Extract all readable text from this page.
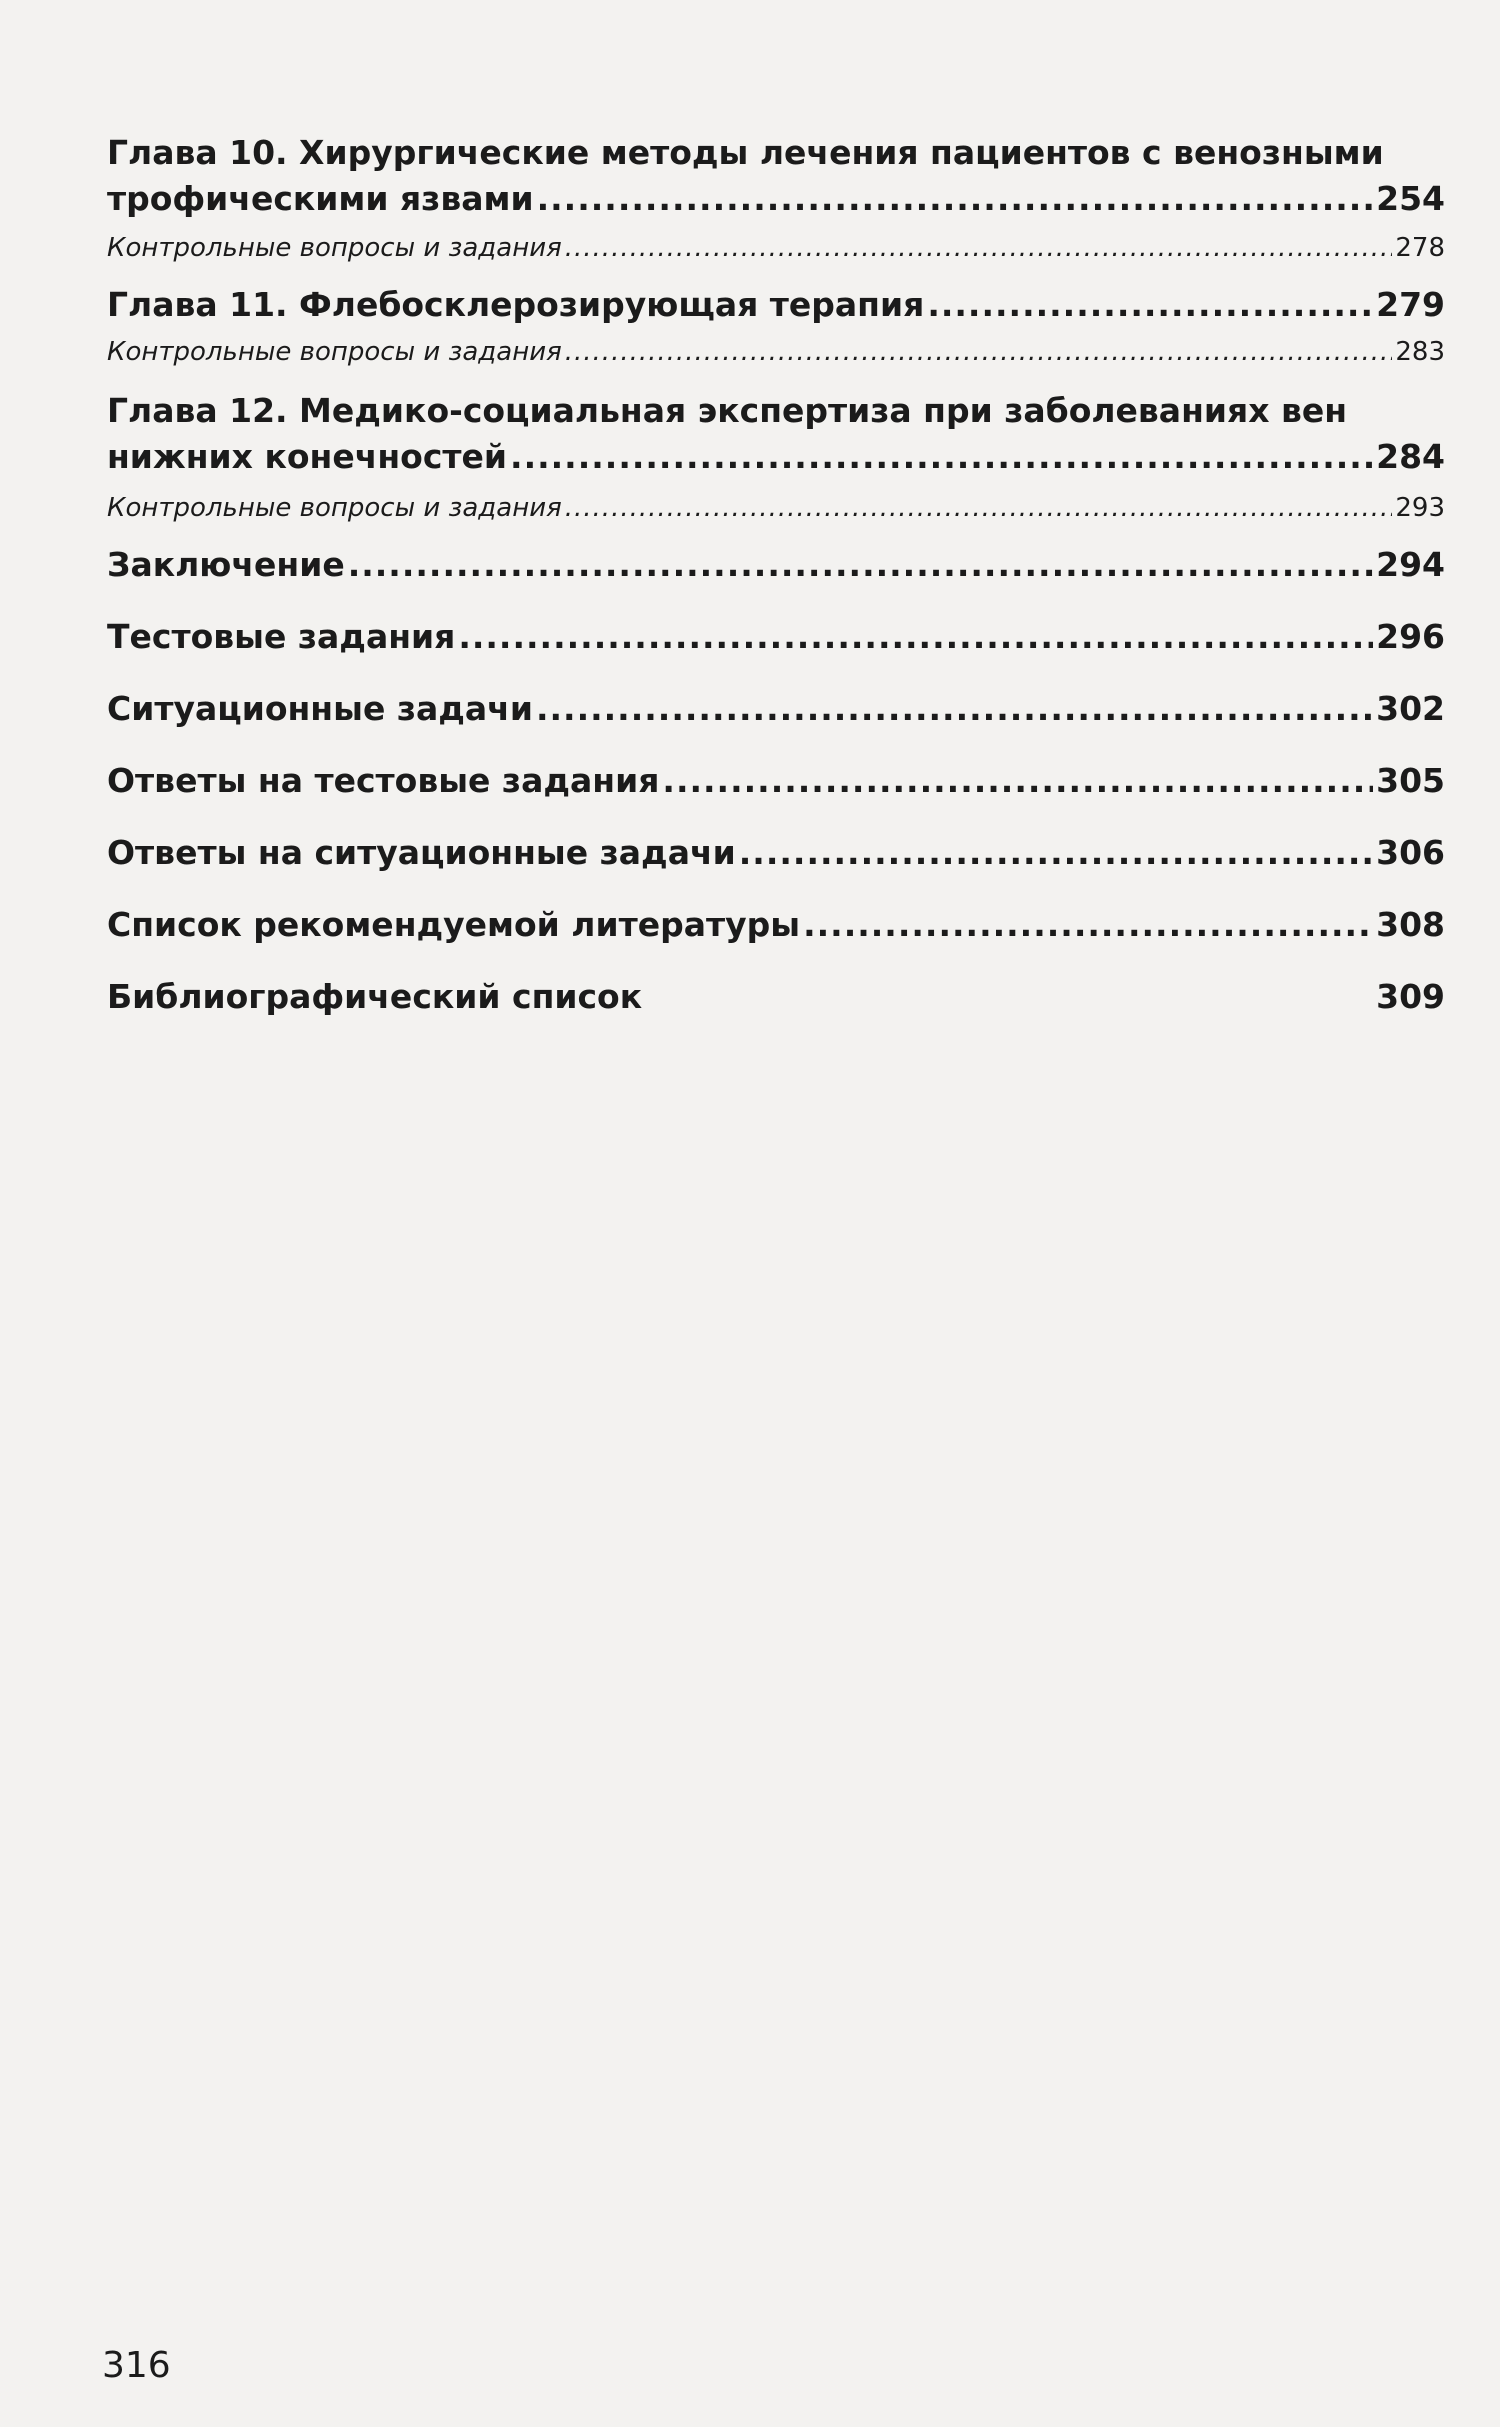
Глава 10. Хирургические методы лечения пациентов с венозными
трофическими язвами .....	254
Контрольные вопросы и задания .....	278
Глава 11. Флебосклерозирующая терапия .....	279
Контрольные вопросы и задания .....	283
Глава 12. Медико-социальная экспертиза при заболеваниях вен
нижних конечностей .....	284
Контрольные вопросы и задания .....	293
Заключение .....	294
Тестовые задания .....	296
Ситуационные задачи .....	302
Ответы на тестовые задания .....	305
Ответы на ситуационные задачи .....	306
Список рекомендуемой литературы .....	308
Библиографический список	309
316
